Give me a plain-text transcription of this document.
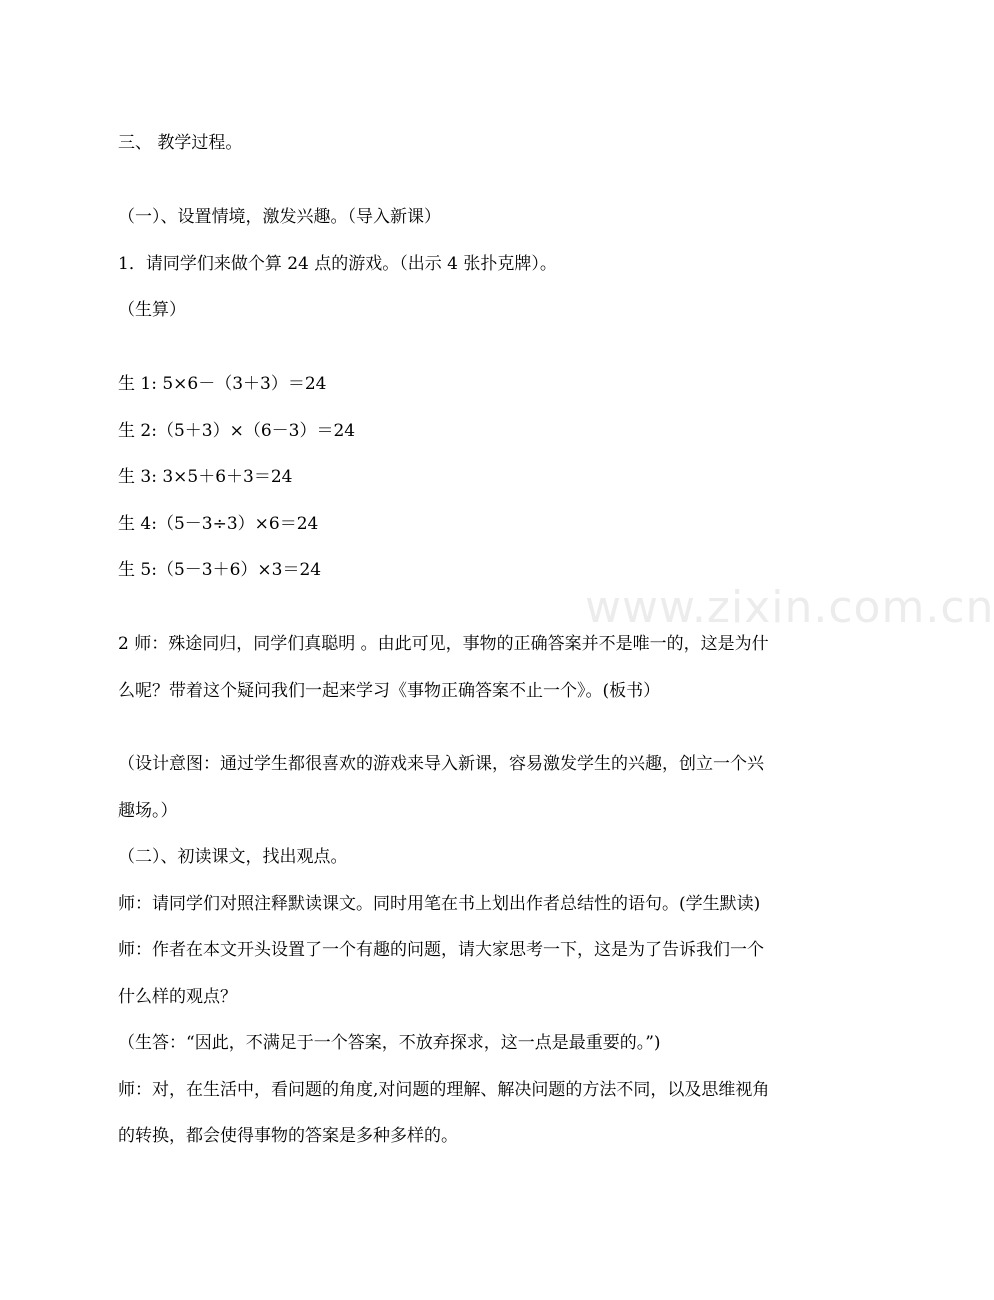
www.zixin.com.cn
三、 教学过程。
（一）、设置情境，激发兴趣。（导入新课）
1．请同学们来做个算 24 点的游戏。（出示 4 张扑克牌）。
（生算）
生 1: 5×6－（3＋3）＝24
生 2:（5＋3）×（6－3）＝24
生 3: 3×5＋6＋3＝24
生 4:（5－3÷3）×6＝24
生 5:（5－3＋6）×3＝24
2 师：殊途同归，同学们真聪明 。由此可见，事物的正确答案并不是唯一的，这是为什
么呢？带着这个疑问我们一起来学习《事物正确答案不止一个》。(板书）
（设计意图：通过学生都很喜欢的游戏来导入新课，容易激发学生的兴趣，创立一个兴
趣场。）
（二）、初读课文，找出观点。
师：请同学们对照注释默读课文。同时用笔在书上划出作者总结性的语句。(学生默读)
师：作者在本文开头设置了一个有趣的问题，请大家思考一下，这是为了告诉我们一个
什么样的观点？
（生答：“因此，不满足于一个答案，不放弃探求，这一点是最重要的。”)
师：对，在生活中，看问题的角度,对问题的理解、解决问题的方法不同，以及思维视角
的转换，都会使得事物的答案是多种多样的。
